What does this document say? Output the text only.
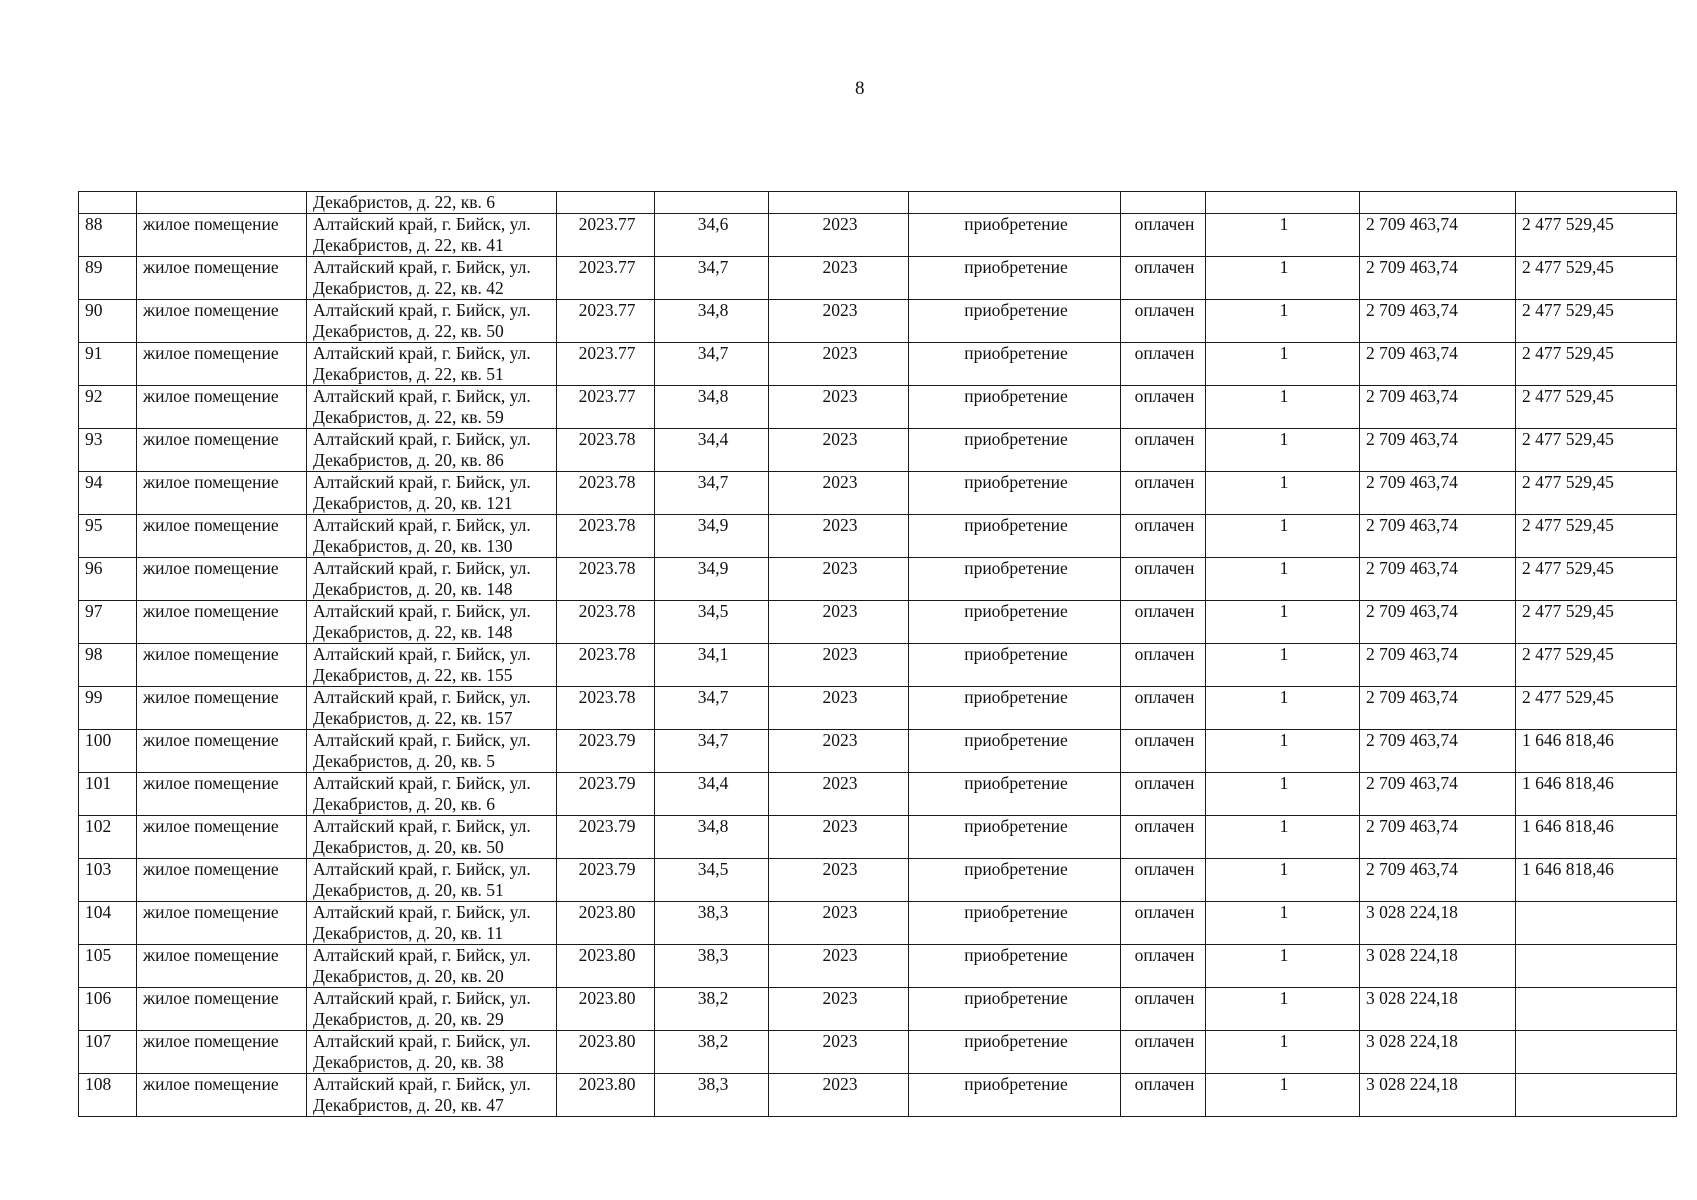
8
		Декабристов, д. 22, кв. 6								
88	жилое помещение	Алтайский край, г. Бийск, ул.
Декабристов, д. 22, кв. 41	2023.77	34,6	2023	приобретение	оплачен	1	2 709 463,74	2 477 529,45
89	жилое помещение	Алтайский край, г. Бийск, ул.
Декабристов, д. 22, кв. 42	2023.77	34,7	2023	приобретение	оплачен	1	2 709 463,74	2 477 529,45
90	жилое помещение	Алтайский край, г. Бийск, ул.
Декабристов, д. 22, кв. 50	2023.77	34,8	2023	приобретение	оплачен	1	2 709 463,74	2 477 529,45
91	жилое помещение	Алтайский край, г. Бийск, ул.
Декабристов, д. 22, кв. 51	2023.77	34,7	2023	приобретение	оплачен	1	2 709 463,74	2 477 529,45
92	жилое помещение	Алтайский край, г. Бийск, ул.
Декабристов, д. 22, кв. 59	2023.77	34,8	2023	приобретение	оплачен	1	2 709 463,74	2 477 529,45
93	жилое помещение	Алтайский край, г. Бийск, ул.
Декабристов, д. 20, кв. 86	2023.78	34,4	2023	приобретение	оплачен	1	2 709 463,74	2 477 529,45
94	жилое помещение	Алтайский край, г. Бийск, ул.
Декабристов, д. 20, кв. 121	2023.78	34,7	2023	приобретение	оплачен	1	2 709 463,74	2 477 529,45
95	жилое помещение	Алтайский край, г. Бийск, ул.
Декабристов, д. 20, кв. 130	2023.78	34,9	2023	приобретение	оплачен	1	2 709 463,74	2 477 529,45
96	жилое помещение	Алтайский край, г. Бийск, ул.
Декабристов, д. 20, кв. 148	2023.78	34,9	2023	приобретение	оплачен	1	2 709 463,74	2 477 529,45
97	жилое помещение	Алтайский край, г. Бийск, ул.
Декабристов, д. 22, кв. 148	2023.78	34,5	2023	приобретение	оплачен	1	2 709 463,74	2 477 529,45
98	жилое помещение	Алтайский край, г. Бийск, ул.
Декабристов, д. 22, кв. 155	2023.78	34,1	2023	приобретение	оплачен	1	2 709 463,74	2 477 529,45
99	жилое помещение	Алтайский край, г. Бийск, ул.
Декабристов, д. 22, кв. 157	2023.78	34,7	2023	приобретение	оплачен	1	2 709 463,74	2 477 529,45
100	жилое помещение	Алтайский край, г. Бийск, ул.
Декабристов, д. 20, кв. 5	2023.79	34,7	2023	приобретение	оплачен	1	2 709 463,74	1 646 818,46
101	жилое помещение	Алтайский край, г. Бийск, ул.
Декабристов, д. 20, кв. 6	2023.79	34,4	2023	приобретение	оплачен	1	2 709 463,74	1 646 818,46
102	жилое помещение	Алтайский край, г. Бийск, ул.
Декабристов, д. 20, кв. 50	2023.79	34,8	2023	приобретение	оплачен	1	2 709 463,74	1 646 818,46
103	жилое помещение	Алтайский край, г. Бийск, ул.
Декабристов, д. 20, кв. 51	2023.79	34,5	2023	приобретение	оплачен	1	2 709 463,74	1 646 818,46
104	жилое помещение	Алтайский край, г. Бийск, ул.
Декабристов, д. 20, кв. 11	2023.80	38,3	2023	приобретение	оплачен	1	3 028 224,18	
105	жилое помещение	Алтайский край, г. Бийск, ул.
Декабристов, д. 20, кв. 20	2023.80	38,3	2023	приобретение	оплачен	1	3 028 224,18	
106	жилое помещение	Алтайский край, г. Бийск, ул.
Декабристов, д. 20, кв. 29	2023.80	38,2	2023	приобретение	оплачен	1	3 028 224,18	
107	жилое помещение	Алтайский край, г. Бийск, ул.
Декабристов, д. 20, кв. 38	2023.80	38,2	2023	приобретение	оплачен	1	3 028 224,18	
108	жилое помещение	Алтайский край, г. Бийск, ул.
Декабристов, д. 20, кв. 47	2023.80	38,3	2023	приобретение	оплачен	1	3 028 224,18	
